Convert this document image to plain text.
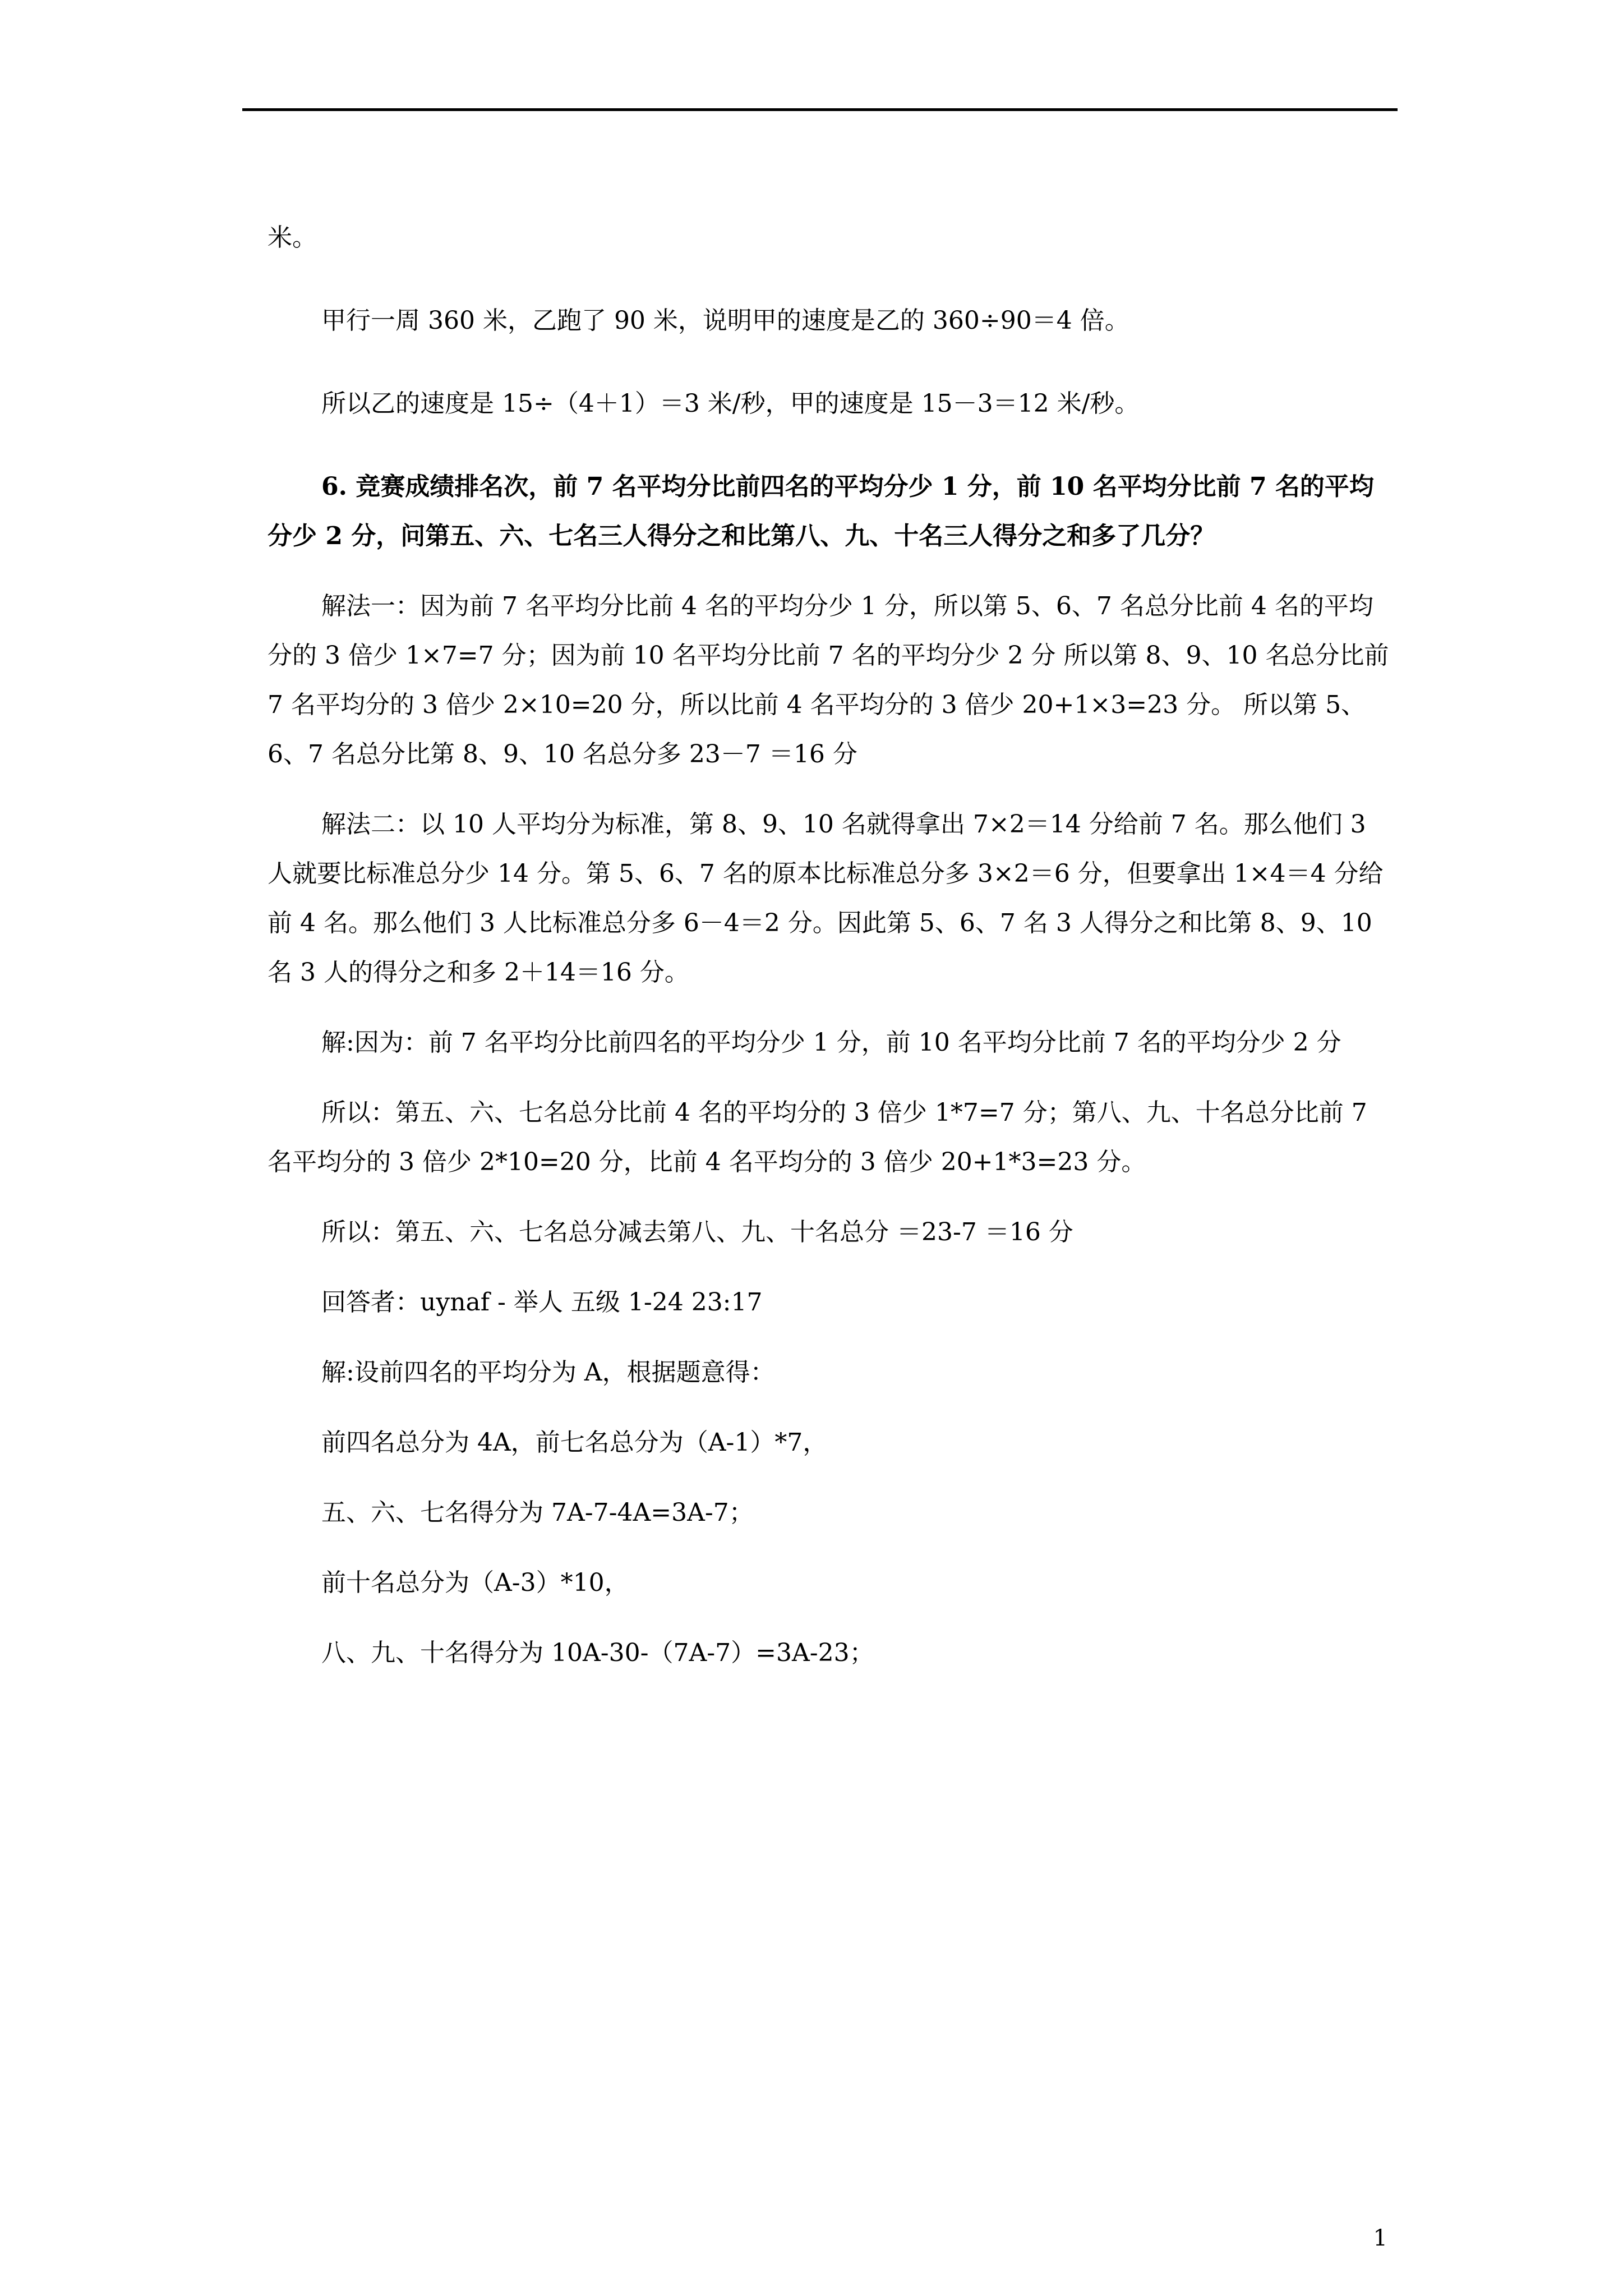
米。

甲行一周 360 米，乙跑了 90 米，说明甲的速度是乙的 360÷90＝4 倍。

所以乙的速度是 15÷（4＋1）＝3 米/秒，甲的速度是 15－3＝12 米/秒。

6. 竞赛成绩排名次，前 7 名平均分比前四名的平均分少 1 分，前 10 名平均分比前 7 名的平均分少 2 分，问第五、六、七名三人得分之和比第八、九、十名三人得分之和多了几分？

解法一：因为前 7 名平均分比前 4 名的平均分少 1 分，所以第 5、6、7 名总分比前 4 名的平均分的 3 倍少 1×7=7 分；因为前 10 名平均分比前 7 名的平均分少 2 分 所以第 8、9、10 名总分比前 7 名平均分的 3 倍少 2×10=20 分，所以比前 4 名平均分的 3 倍少 20+1×3=23 分。 所以第 5、6、7 名总分比第 8、9、10 名总分多 23－7 ＝16 分

解法二：以 10 人平均分为标准，第 8、9、10 名就得拿出 7×2＝14 分给前 7 名。那么他们 3 人就要比标准总分少 14 分。第 5、6、7 名的原本比标准总分多 3×2＝6 分，但要拿出 1×4＝4 分给前 4 名。那么他们 3 人比标准总分多 6－4＝2 分。因此第 5、6、7 名 3 人得分之和比第 8、9、10 名 3 人的得分之和多 2＋14＝16 分。

解:因为：前 7 名平均分比前四名的平均分少 1 分，前 10 名平均分比前 7 名的平均分少 2 分

所以：第五、六、七名总分比前 4 名的平均分的 3 倍少 1*7=7 分；第八、九、十名总分比前 7 名平均分的 3 倍少 2*10=20 分，比前 4 名平均分的 3 倍少 20+1*3=23 分。

所以：第五、六、七名总分减去第八、九、十名总分 ＝23-7 ＝16 分

回答者：uynaf - 举人 五级 1-24 23:17

解:设前四名的平均分为 A，根据题意得：

前四名总分为 4A，前七名总分为（A-1）*7，

五、六、七名得分为 7A-7-4A=3A-7；

前十名总分为（A-3）*10，

八、九、十名得分为 10A-30-（7A-7）=3A-23；

1
